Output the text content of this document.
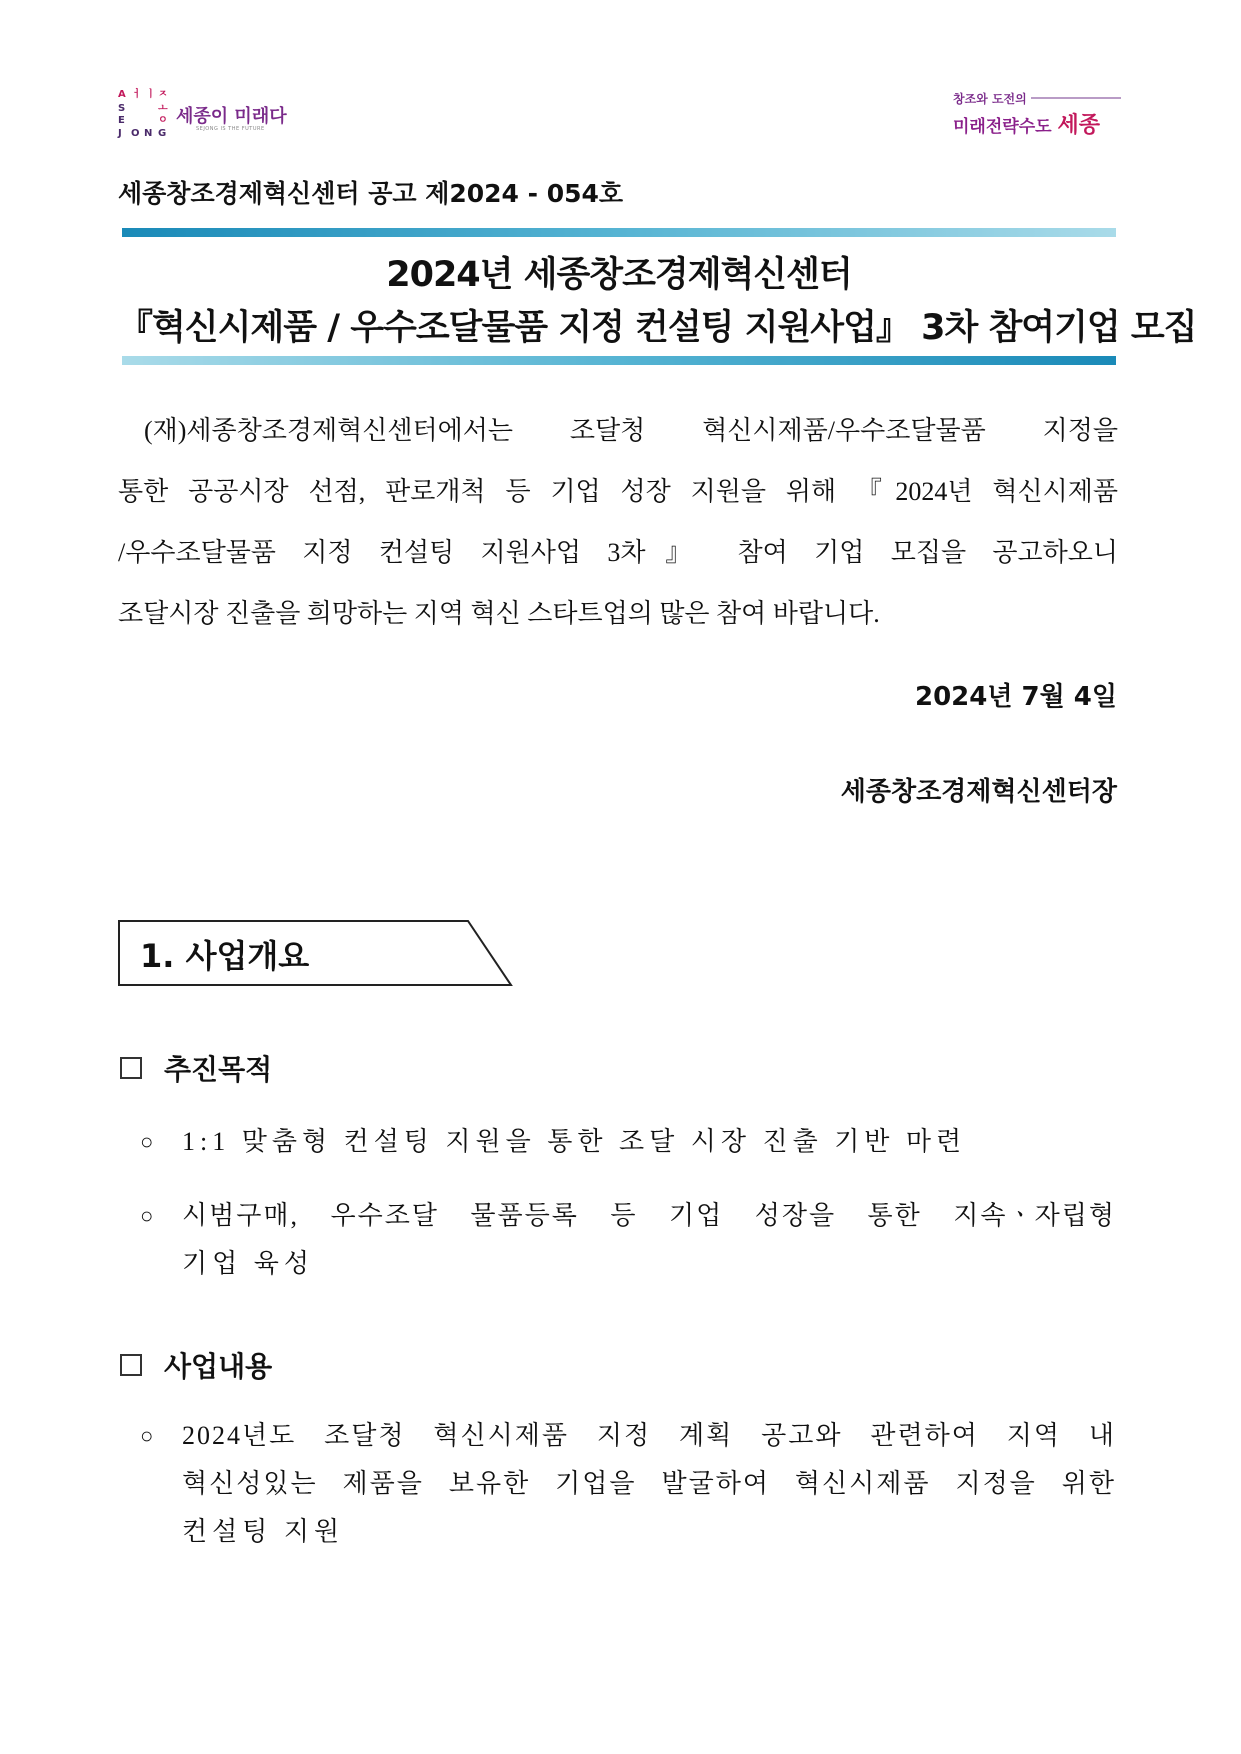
A ㅓ ㅣ ㅈ
S
E
ㅗ
ㅇ
J O N G
세종이 미래다
SEJONG IS THE FUTURE
창조와 도전의
미래전략수도 세종
세종창조경제혁신센터 공고 제2024 - 054호
2024년 세종창조경제혁신센터
『혁신시제품 / 우수조달물품 지정 컨설팅 지원사업』 3차 참여기업 모집
(재)세종창조경제혁신센터에서는 조달청 혁신시제품/우수조달물품 지정을
통한 공공시장 선점, 판로개척 등 기업 성장 지원을 위해 『2024년 혁신시제품
/우수조달물품 지정 컨설팅 지원사업 3차』 참여 기업 모집을 공고하오니
조달시장 진출을 희망하는 지역 혁신 스타트업의 많은 참여 바랍니다.
2024년 7월 4일
세종창조경제혁신센터장
1. 사업개요
추진목적
○ 1:1 맞춤형 컨설팅 지원을 통한 조달 시장 진출 기반 마련
○ 시범구매, 우수조달 물품등록 등 기업 성장을 통한 지속ㆍ자립형
기업 육성
사업내용
○ 2024년도 조달청 혁신시제품 지정 계획 공고와 관련하여 지역 내
혁신성있는 제품을 보유한 기업을 발굴하여 혁신시제품 지정을 위한
컨설팅 지원
